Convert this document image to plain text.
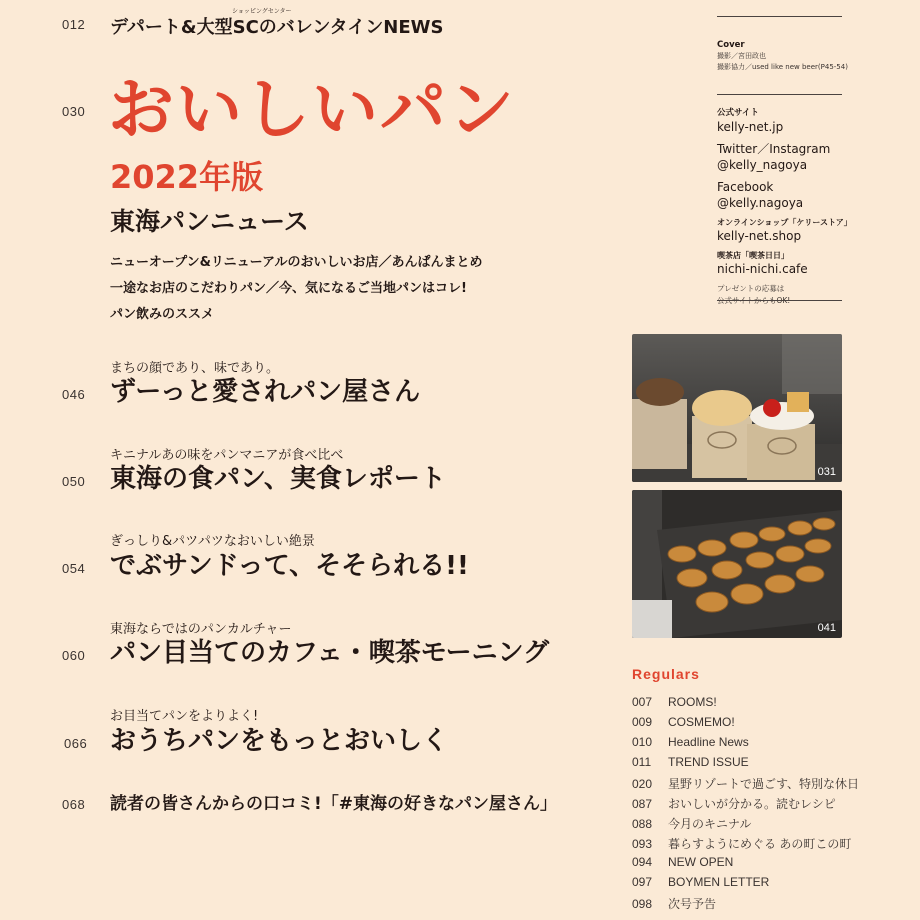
012
ショッピングセンター
デパート&大型SCのバレンタインNEWS
030 おいしいパン
2022年版
東海パンニュース
ニューオープン&リニューアルのおいしいお店／あんぱんまとめ
一途なお店のこだわりパン／今、気になるご当地パンはコレ!
パン飲みのススメ
まちの顔であり、味であり。
046 ずーっと愛されパン屋さん
キニナルあの味をパンマニアが食べ比べ
050 東海の食パン、実食レポート
ぎっしり&パツパツなおいしい絶景
054 でぶサンドって、そそられる!!
東海ならではのパンカルチャー
060 パン目当てのカフェ・喫茶モーニング
お目当てパンをよりよく!
066 おうちパンをもっとおいしく
068 読者の皆さんからの口コミ!「#東海の好きなパン屋さん」
Cover
撮影／宮田政也
撮影協力／used like new beer(P45-54)
公式サイト
kelly-net.jp
Twitter／Instagram
@kelly_nagoya
Facebook
@kelly.nagoya
オンラインショップ「ケリーストア」
kelly-net.shop
喫茶店「喫茶日日」
nichi-nichi.cafe
プレゼントの応募は
公式サイトからもOK!
031
041
Regulars
007 ROOMS!
009 COSMEMO!
010 Headline News
011 TREND ISSUE
020 星野リゾートで過ごす、特別な休日
087 おいしいが分かる。読むレシピ
088 今月のキニナル
093 暮らすようにめぐる あの町この町
094 NEW OPEN
097 BOYMEN LETTER
098 次号予告
